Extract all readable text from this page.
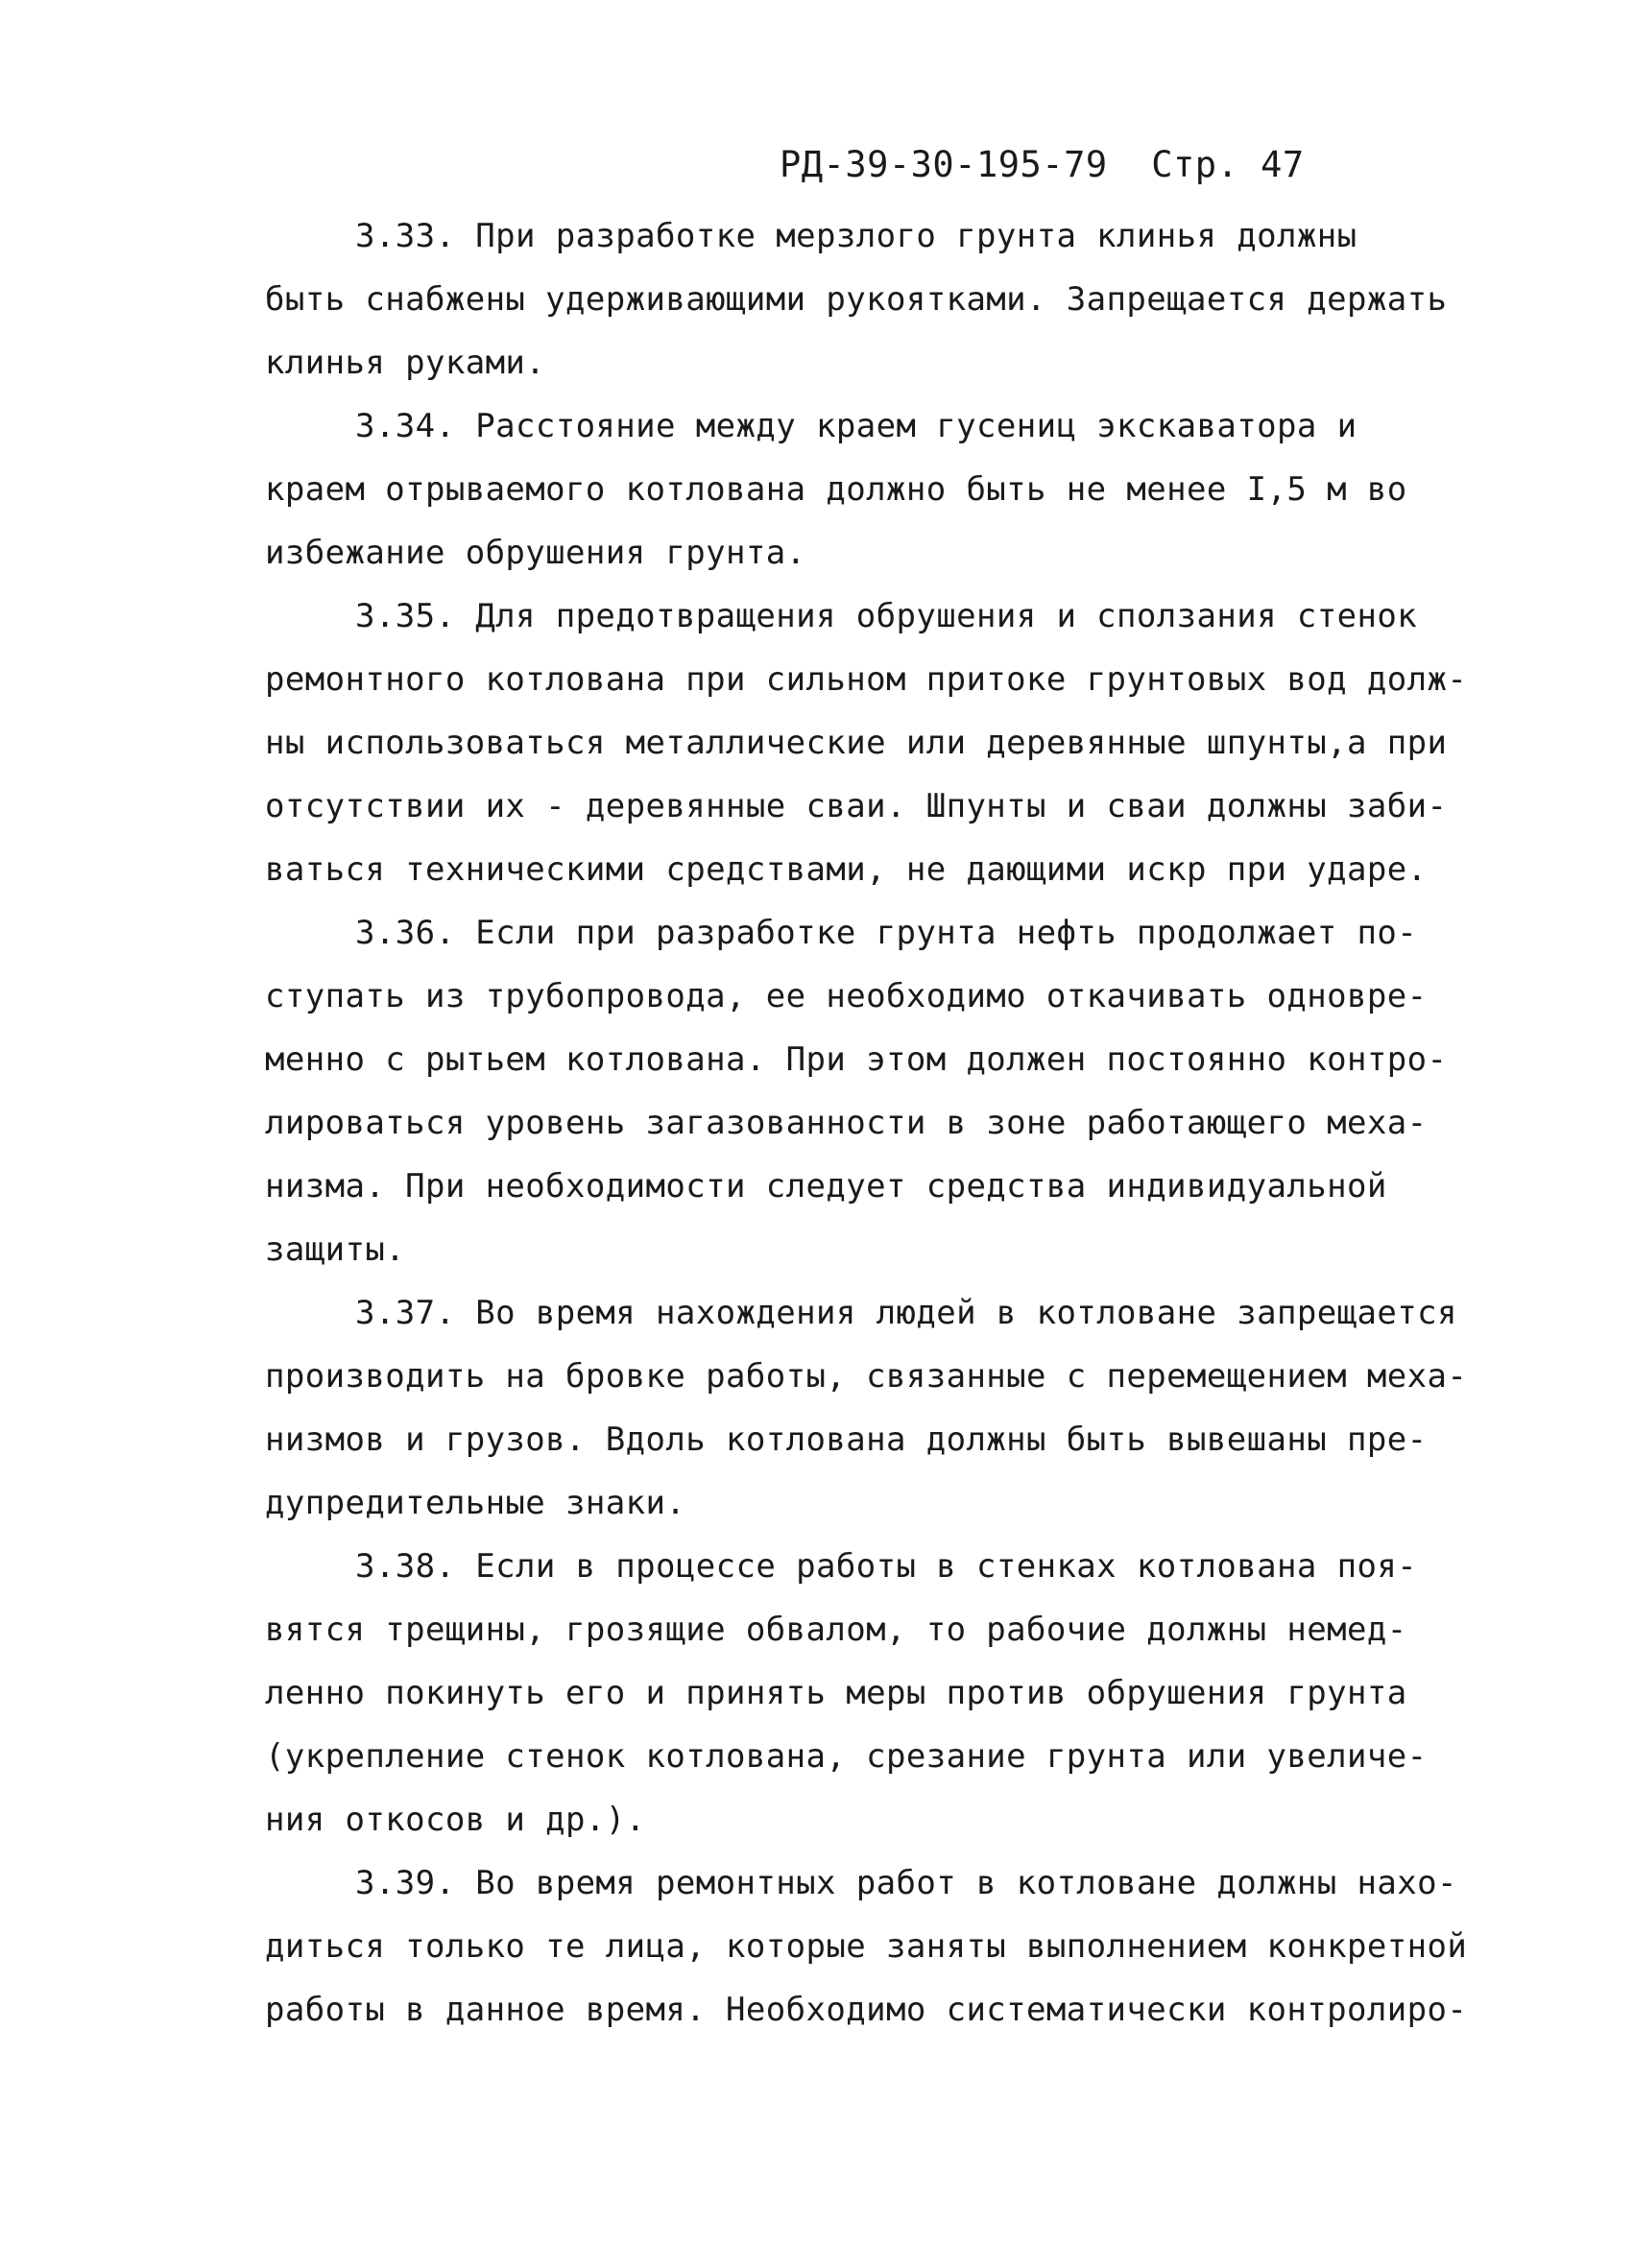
РД-39-30-195-79 Стр. 47
3.33. При разработке мерзлого грунта клинья должны
быть снабжены удерживающими рукоятками. Запрещается держать
клинья руками.
3.34. Расстояние между краем гусениц экскаватора и
краем отрываемого котлована должно быть не менее I,5 м во
избежание обрушения грунта.
3.35. Для предотвращения обрушения и сползания стенок
ремонтного котлована при сильном притоке грунтовых вод долж-
ны использоваться металлические или деревянные шпунты,а при
отсутствии их - деревянные сваи. Шпунты и сваи должны заби-
ваться техническими средствами, не дающими искр при ударе.
3.36. Если при разработке грунта нефть продолжает по-
ступать из трубопровода, ее необходимо откачивать одновре-
менно с рытьем котлована. При этом должен постоянно контро-
лироваться уровень загазованности в зоне работающего меха-
низма. При необходимости следует средства индивидуальной
защиты.
3.37. Во время нахождения людей в котловане запрещается
производить на бровке работы, связанные с перемещением меха-
низмов и грузов. Вдоль котлована должны быть вывешаны пре-
дупредительные знаки.
3.38. Если в процессе работы в стенках котлована поя-
вятся трещины, грозящие обвалом, то рабочие должны немед-
ленно покинуть его и принять меры против обрушения грунта
(укрепление стенок котлована, срезание грунта или увеличе-
ния откосов и др.).
3.39. Во время ремонтных работ в котловане должны нахо-
диться только те лица, которые заняты выполнением конкретной
работы в данное время. Необходимо систематически контролиро-
